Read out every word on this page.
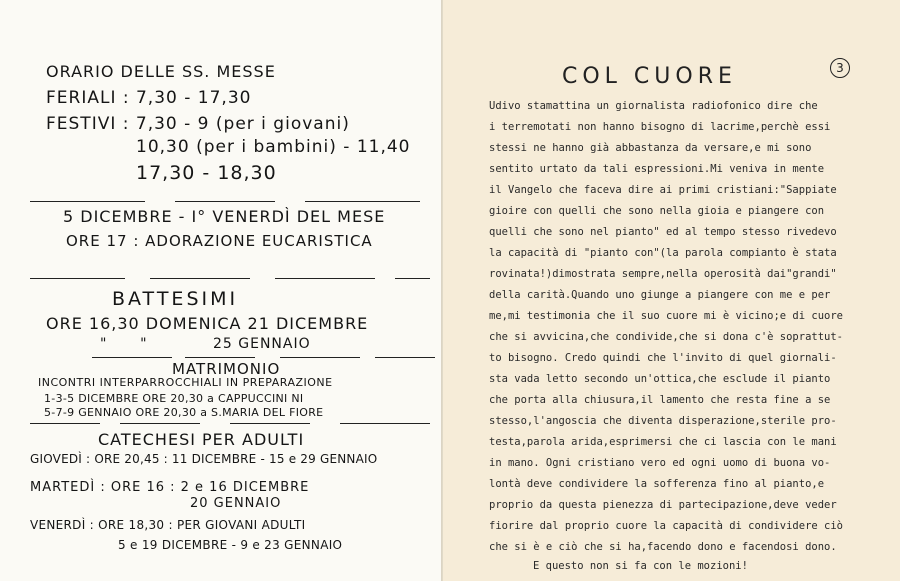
ORARIO DELLE SS. MESSE

FERIALI : 7,30 - 17,30

FESTIVI : 7,30 - 9 (per i giovani)

10,30 (per i bambini) - 11,40

17,30 - 18,30

5 DICEMBRE - I° VENERDÌ DEL MESE

ORE 17 : ADORAZIONE EUCARISTICA

BATTESIMI

ORE 16,30 DOMENICA 21 DICEMBRE

"      "            25 GENNAIO

MATRIMONIO

INCONTRI INTERPARROCCHIALI IN PREPARAZIONE

1-3-5 DICEMBRE ORE 20,30 a CAPPUCCINI NI

5-7-9 GENNAIO ORE 20,30 a S.MARIA DEL FIORE

CATECHESI PER ADULTI

GIOVEDÌ : ORE 20,45 : 11 DICEMBRE - 15 e 29 GENNAIO

MARTEDÌ : ORE 16 : 2 e 16 DICEMBRE

20 GENNAIO

VENERDÌ : ORE 18,30 : PER GIOVANI ADULTI

5 e 19 DICEMBRE - 9 e 23 GENNAIO

COL CUORE	3

Udivo stamattina un giornalista radiofonico dire che

i terremotati non hanno bisogno di lacrime,perchè essi

stessi ne hanno già abbastanza da versare,e mi sono

sentito urtato da tali espressioni.Mi veniva in mente

il Vangelo che faceva dire ai primi cristiani:"Sappiate

gioire con quelli che sono nella gioia e piangere con

quelli che sono nel pianto" ed al tempo stesso rivedevo

la capacità di "pianto con"(la parola compianto è stata

rovinata!)dimostrata sempre,nella operosità dai"grandi"

della carità.Quando uno giunge a piangere con me e per

me,mi testimonia che il suo cuore mi è vicino;e di cuore

che si avvicina,che condivide,che si dona c'è soprattut-

to bisogno. Credo quindi che l'invito di quel giornali-

sta vada letto secondo un'ottica,che esclude il pianto

che porta alla chiusura,il lamento che resta fine a se

stesso,l'angoscia che diventa disperazione,sterile pro-

testa,parola arida,esprimersi che ci lascia con le mani

in mano. Ogni cristiano vero ed ogni uomo di buona vo-

lontà deve condividere la sofferenza fino al pianto,e

proprio da questa pienezza di partecipazione,deve veder

fiorire dal proprio cuore la capacità di condividere ciò

che si è e ciò che si ha,facendo dono e facendosi dono.

E questo non si fa con le mozioni!
